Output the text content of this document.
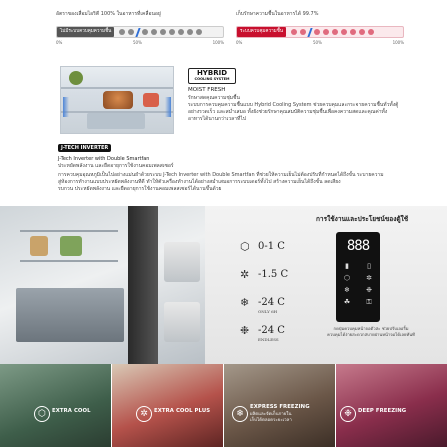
อัตราของเสื่อมไอริตี 100% ในอาหารที่เคลื่อนอยู่
ไม่มีระบบควบคุมความชื้น
0%	50%	100%
เก็บรักษาความชื้นในอาหารได้ 99.7%
ระบบควบคุมความชื้น
0%	50%	100%
HYBRID
COOLING SYSTEM
MOIST FRESH
รักษาสดคุณความชุ่มชื้น
ระบบการควบคุมความชื้นแบบ Hybrid Cooling System ช่วยควบคุมและกระจายความชื้นทั่วทั้งตู้
อย่างรวดเร็ว และสม่ำเสมอ ทั้งยังช่วยรักษาคุณสมบัติความชุ่มชื้นเพื่อคงความสดและคุณค่าทั้ง
อาหารได้นานกว่าเวลาที่ไป
J-TECH INVERTER
J-Tech Inverter with Double Smartfan
ประหยัดพลังงาน และยืดอายุการใช้งานคอมเพลสเซอร์
การควบคุมอุณหภูมิเป็นไปอย่างแม่นยำด้วยระบบ J-Tech Inverter with Double Smartfan ที่ช่วยให้ความเย็นไม่ต้องปรับที่กำหนดได้ถึงขั้น ระบายความ
สู่ห้องการทำงานแบบประหยัดพลังงานทีดี ทำให้ตัวเครื่องทำงานได้อย่างสม่ำเสมอการระบบเดอร์ทั้งไป สร้างความเย็นได้ถึงขั้น ลดเสียง
รบกวน ประหยัดพลังงาน และยืดอายุการใช้งานคอมเพลสเซอร์ได้นานขึ้นด้วย
⬡ 0-1 C
✲ -1.5 C
❄ -24 C
ONLY 6H
❉ -24 C
ENDLESS
การใช้งานและประโยชน์ของตู้ใช้
888
▮	▯
⬡	✲
❄	❉
☘	⚿
กดปุ่มควบคุมหน้าจอตัวสะ ช่วยปรับเลอริ้ม
ควบคุมได้ง่ายสะดวกสบายผ่านหน้าจอได้เลยทันที
⬡	EXTRA COOL	✲	EXTRA COOL PLUS	❄
EXPRESS FREEZING
ผลิตและจัดเก็บภายใน
เก็บได้ตลอดระยะเวลา
❉	DEEP FREEZING
